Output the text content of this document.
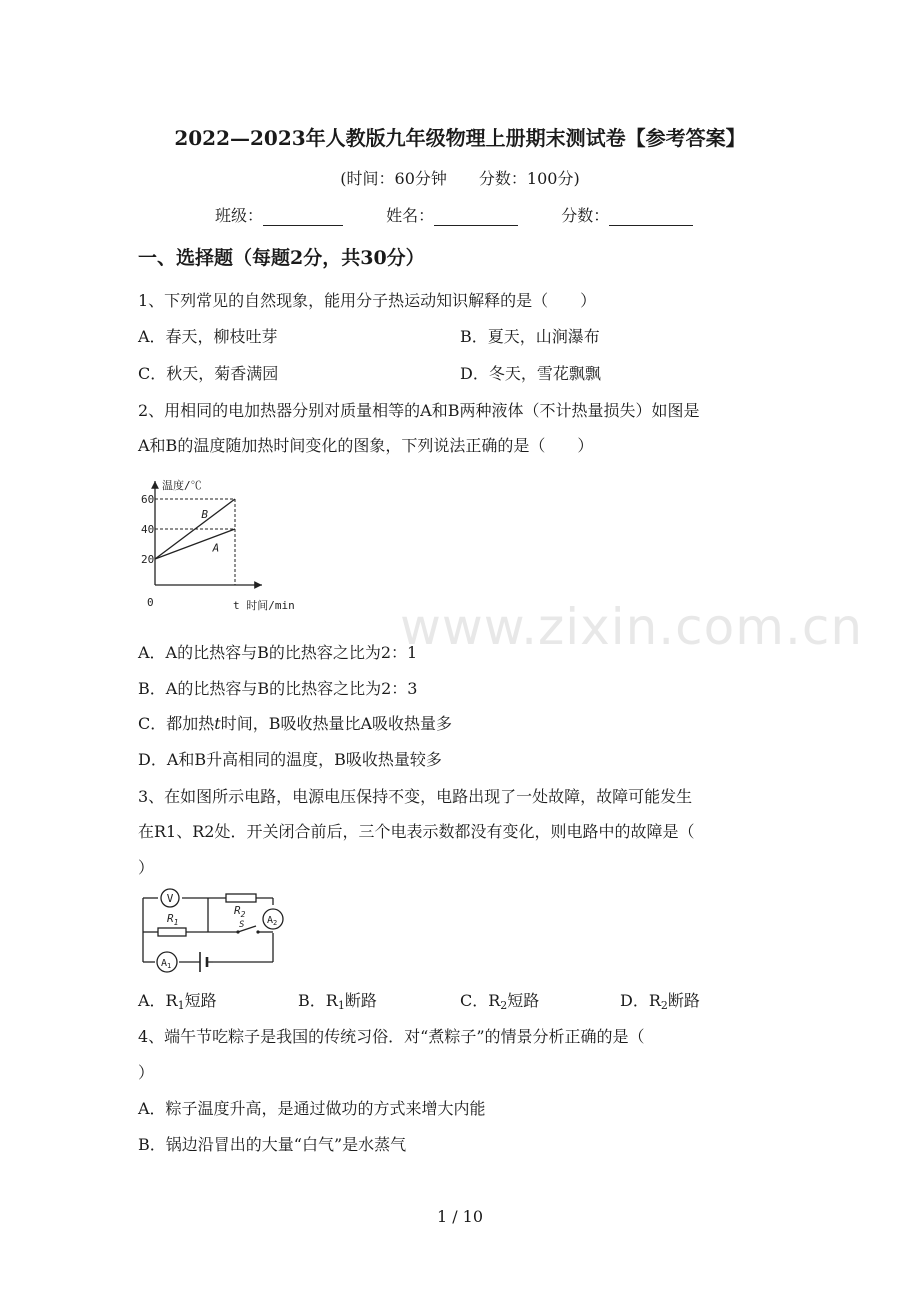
2022—2023年人教版九年级物理上册期末测试卷【参考答案】
(时间：60分钟　　分数：100分)
班级：	姓名：	分数：
一、选择题（每题2分，共30分）
1、下列常见的自然现象，能用分子热运动知识解释的是（　　）
A．春天，柳枝吐芽	B．夏天，山涧瀑布
C．秋天，菊香满园	D．冬天，雪花飘飘
2、用相同的电加热器分别对质量相等的A和B两种液体（不计热量损失）如图是
A和B的温度随加热时间变化的图象，下列说法正确的是（　　）
B
A
20
40
60
温度/℃
t 时间/min
0
A．A的比热容与B的比热容之比为2：1
B．A的比热容与B的比热容之比为2：3
C．都加热t时间，B吸收热量比A吸收热量多
D．A和B升高相同的温度，B吸收热量较多
3、在如图所示电路，电源电压保持不变，电路出现了一处故障，故障可能发生
在R1、R2处．开关闭合前后，三个电表示数都没有变化，则电路中的故障是（
）
V
$R_1$
$R_2$
S $A_2$
$A_1$
A．$R_1$短路	B．$R_1$断路	C．$R_2$短路	D．$R_2$断路
4、端午节吃粽子是我国的传统习俗．对“煮粽子”的情景分析正确的是（
）
A．粽子温度升高，是通过做功的方式来增大内能
B．锅边沿冒出的大量“白气”是水蒸气
www.zixin.com.cn
1 / 10
